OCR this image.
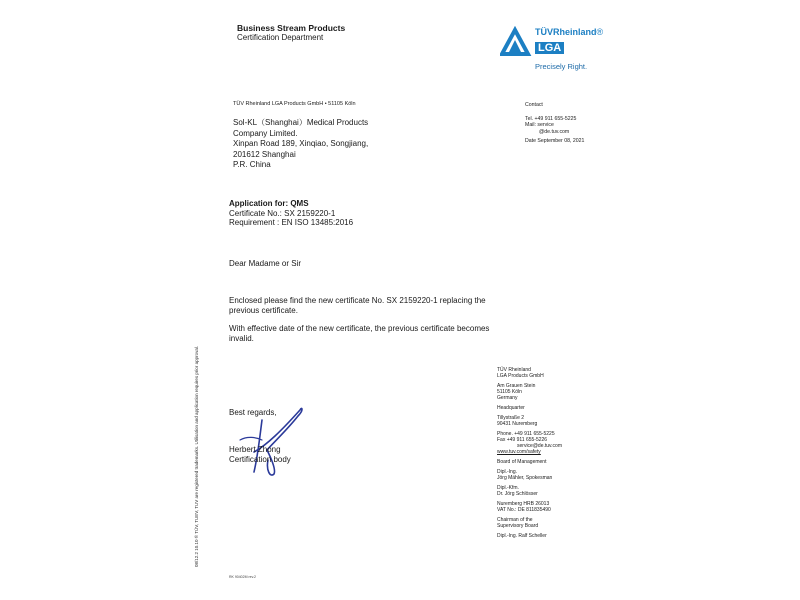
Business Stream Products
Certification Department
TÜVRheinland®
LGA
Precisely Right.
TÜV Rheinland LGA Products GmbH • 51105 Köln	Contact
Tel. +49 911 655-5225
Mail: service
@de.tuv.com
Date September 08, 2021
Sol-KL（Shanghai）Medical Products
Company Limited.
Xinpan Road 189, Xinqiao, Songjiang,
201612 Shanghai
P.R. China
Application for: QMS
Certificate No.: SX 2159220-1
Requirement : EN ISO 13485:2016
Dear Madame or Sir
Enclosed please find the new certificate No. SX 2159220-1 replacing the
previous certificate.
With effective date of the new certificate, the previous certificate becomes
invalid.
Best regards,
Herbert Zhong
Certification body
TÜV Rheinland
LGA Products GmbH
Am Grauen Stein
51105 Köln
Germany
Headquarter
Tillystraße 2
90431 Nuremberg
Phone. +49 911 655-5225
Fax +49 911 655-5226
service@de.tuv.com
www.tuv.com/safety
Board of Management
Dipl.-Ing.
Jörg Mähler, Spokesman
Dipl.-Kfm.
Dr. Jörg Schlösser
Nuremberg HRB 26013
VAT No.: DE 811835490
Chairman of the
Supervisory Board
Dipl.-Ing. Ralf Scheller
08/12.2 10.10 ® TÜV, TUEV, TUV are registered trademarks. Utilisation and application requires prior approval.
RK 90402M rev.2
